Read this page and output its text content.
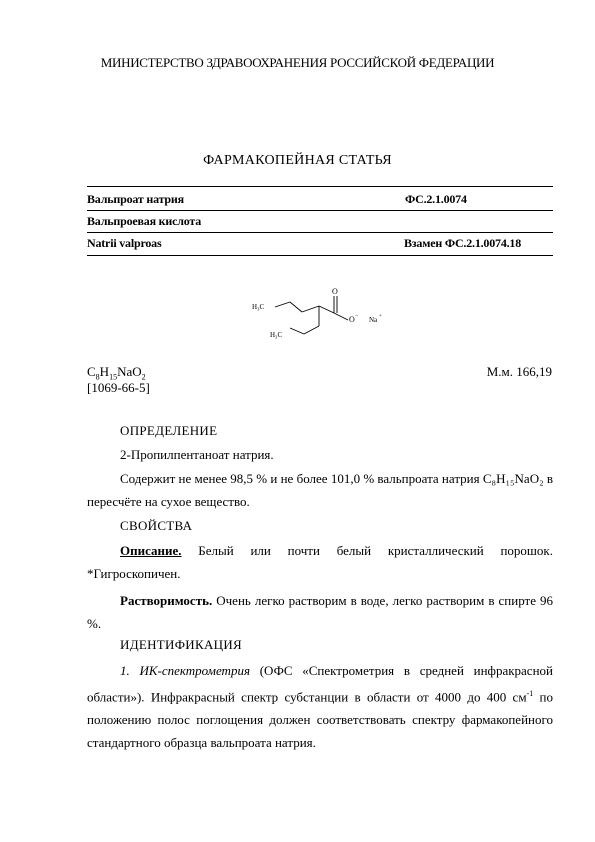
МИНИСТЕРСТВО ЗДРАВООХРАНЕНИЯ РОССИЙСКОЙ ФЕДЕРАЦИИ
ФАРМАКОПЕЙНАЯ СТАТЬЯ
Вальпроат натрия	ФС.2.1.0074
Вальпроевая кислота
Natrii valproas	Взамен ФС.2.1.0074.18
H₃C
H₃C
O
O − Na +
$C_8H_{15}NaO_2$
[1069-66-5]
М.м. 166,19
ОПРЕДЕЛЕНИЕ
2-Пропилпентаноат натрия.
Содержит не менее 98,5 % и не более 101,0 % вальпроата натрия C₈H₁₅NaO₂ в пересчёте на сухое вещество.
СВОЙСТВА
Описание. Белый или почти белый кристаллический порошок. *Гигроскопичен.
Растворимость. Очень легко растворим в воде, легко растворим в спирте 96 %.
ИДЕНТИФИКАЦИЯ
1. ИК-спектрометрия (ОФС «Спектрометрия в средней инфракрасной области»). Инфракрасный спектр субстанции в области от 4000 до 400 $см^{-1}$ по положению полос поглощения должен соответствовать спектру фармакопейного стандартного образца вальпроата натрия.
